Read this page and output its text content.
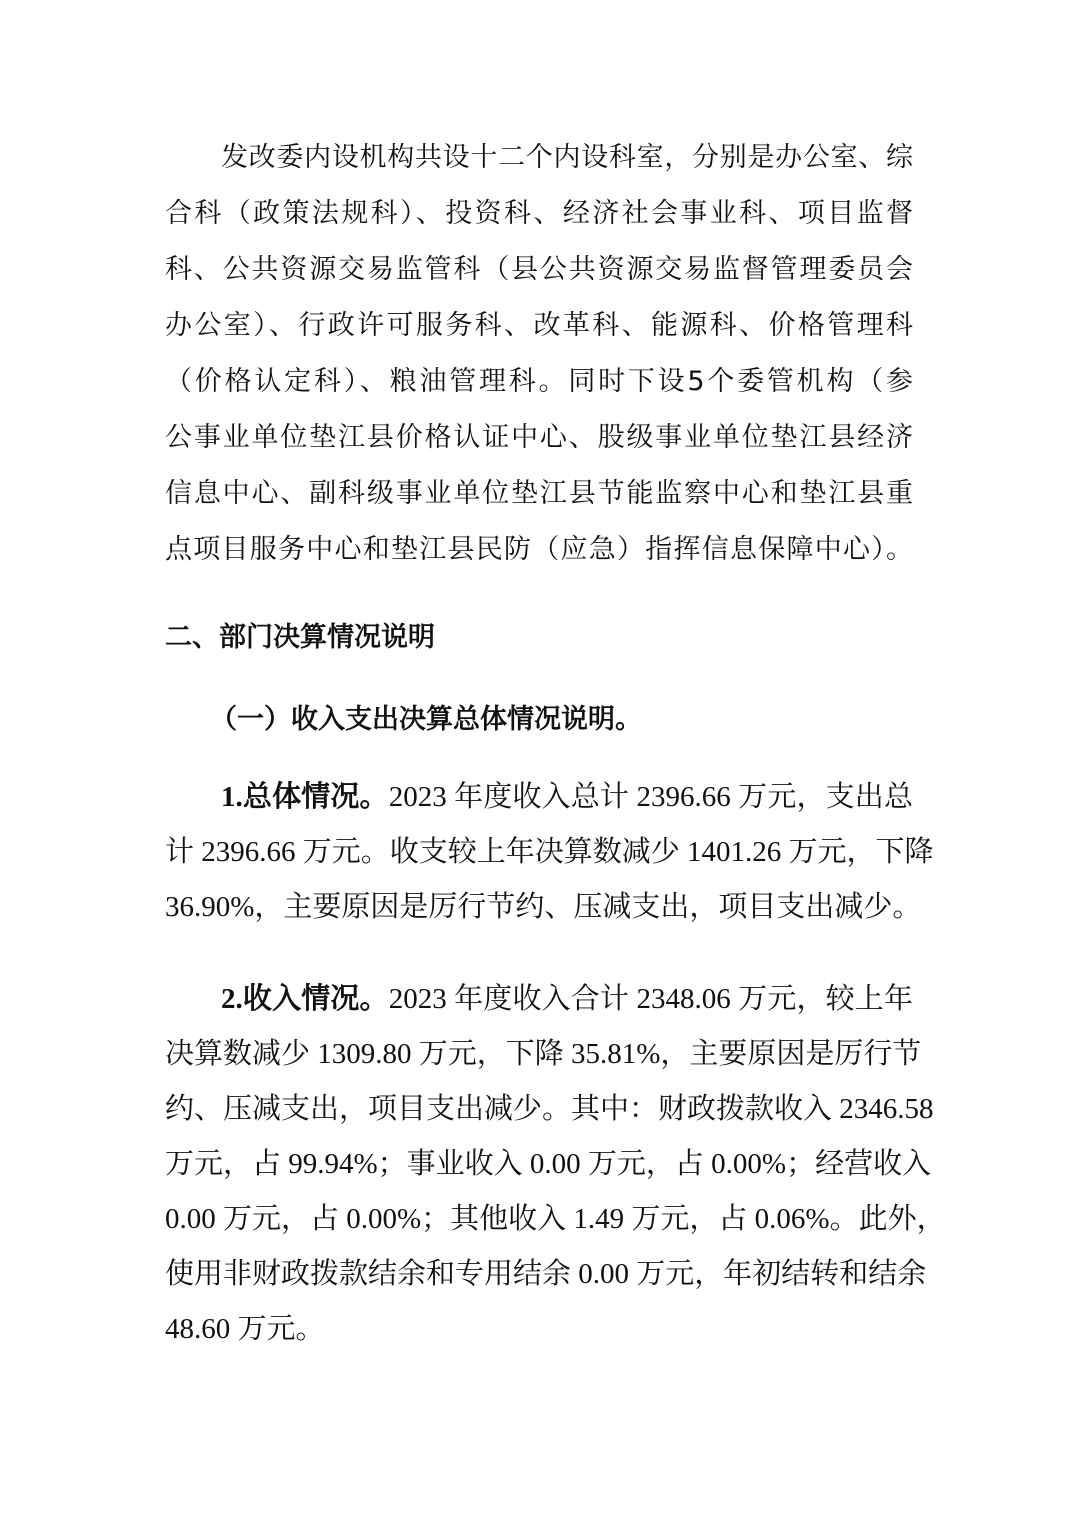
发改委内设机构共设十二个内设科室，分别是办公室、综
合科（政策法规科）、投资科、经济社会事业科、项目监督
科、公共资源交易监管科（县公共资源交易监督管理委员会
办公室）、行政许可服务科、改革科、能源科、价格管理科
（价格认定科）、粮油管理科。同时下设5个委管机构（参
公事业单位垫江县价格认证中心、股级事业单位垫江县经济
信息中心、副科级事业单位垫江县节能监察中心和垫江县重
点项目服务中心和垫江县民防（应急）指挥信息保障中心）。
二、部门决算情况说明
（一）收入支出决算总体情况说明。
1.总体情况。2023 年度收入总计 2396.66 万元，支出总
计 2396.66 万元。收支较上年决算数减少 1401.26 万元，下降
36.90%，主要原因是厉行节约、压减支出，项目支出减少。
2.收入情况。2023 年度收入合计 2348.06 万元，较上年
决算数减少 1309.80 万元，下降 35.81%，主要原因是厉行节
约、压减支出，项目支出减少。其中：财政拨款收入 2346.58
万元，占 99.94%；事业收入 0.00 万元，占 0.00%；经营收入
0.00 万元，占 0.00%；其他收入 1.49 万元，占 0.06%。此外，
使用非财政拨款结余和专用结余 0.00 万元，年初结转和结余
48.60 万元。
